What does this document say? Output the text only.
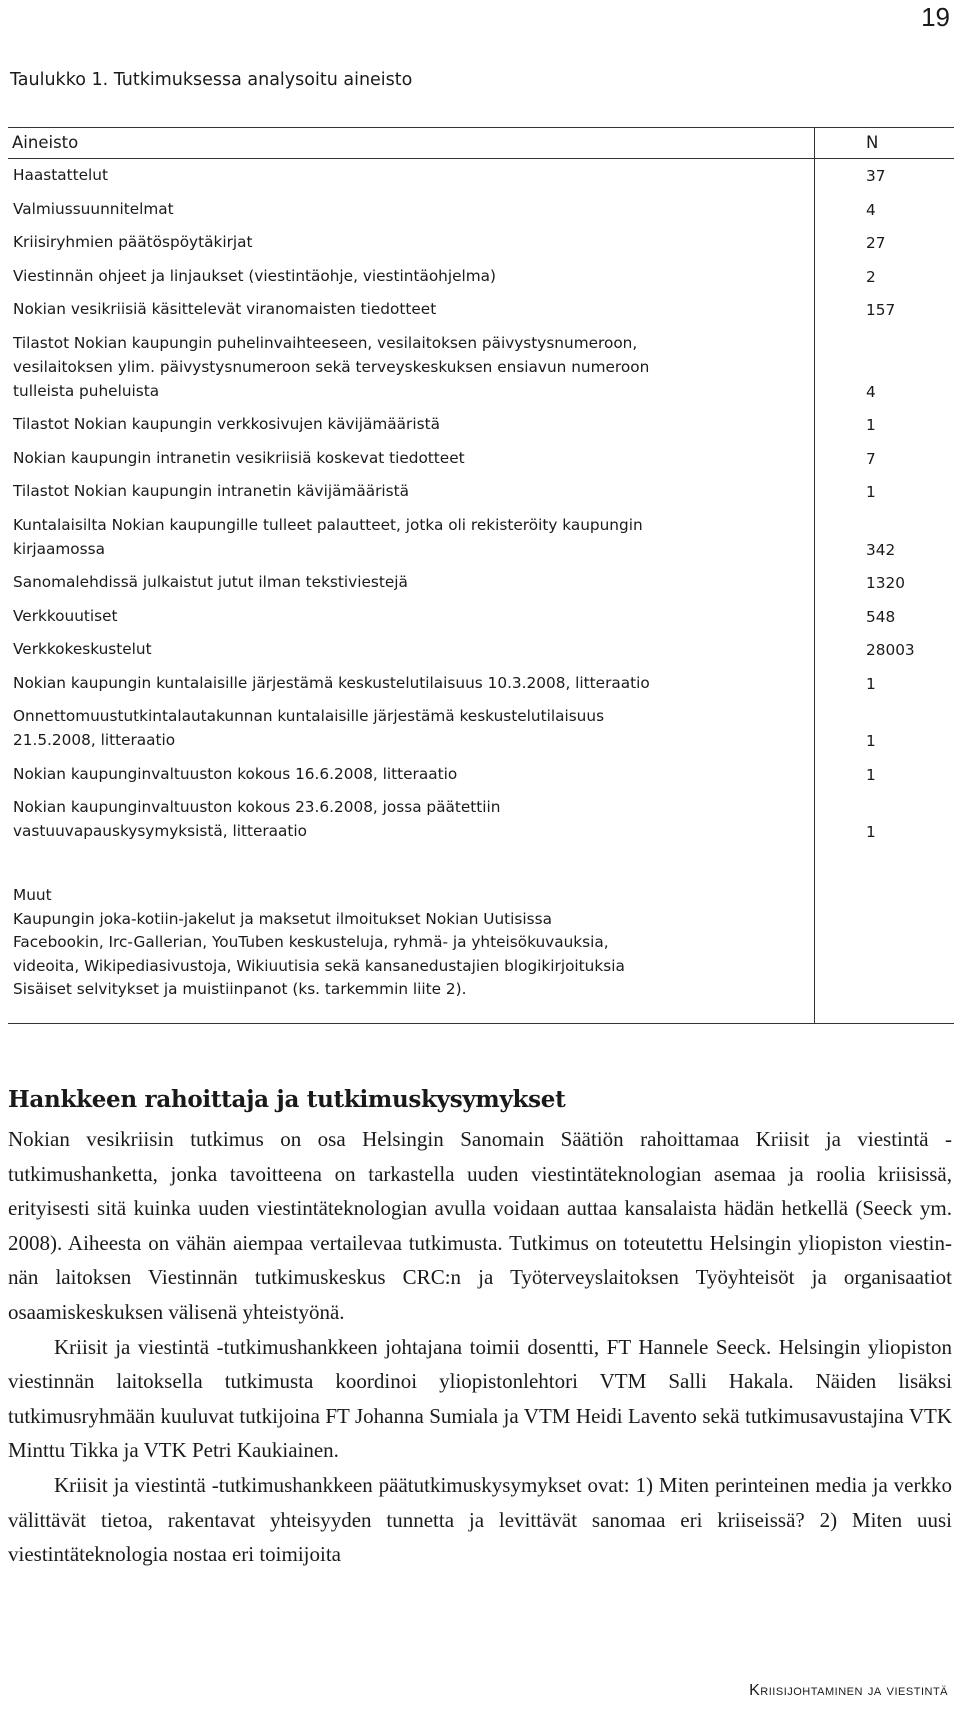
19
Taulukko 1. Tutkimuksessa analysoitu aineisto
Aineisto	N
Haastattelut	37
Valmiussuunnitelmat	4
Kriisiryhmien päätöspöytäkirjat	27
Viestinnän ohjeet ja linjaukset (viestintäohje, viestintäohjelma)	2
Nokian vesikriisiä käsittelevät viranomaisten tiedotteet	157
Tilastot Nokian kaupungin puhelinvaihteeseen, vesilaitoksen päivystysnumeroon,
vesilaitoksen ylim. päivystysnumeroon sekä terveyskeskuksen ensiavun numeroon
tulleista puheluista	4
Tilastot Nokian kaupungin verkkosivujen kävijämääristä	1
Nokian kaupungin intranetin vesikriisiä koskevat tiedotteet	7
Tilastot Nokian kaupungin intranetin kävijämääristä	1
Kuntalaisilta Nokian kaupungille tulleet palautteet, jotka oli rekisteröity kaupungin
kirjaamossa	342
Sanomalehdissä julkaistut jutut ilman tekstiviestejä	1320
Verkkouutiset	548
Verkkokeskustelut	28003
Nokian kaupungin kuntalaisille järjestämä keskustelutilaisuus 10.3.2008, litteraatio	1
Onnettomuustutkintalautakunnan kuntalaisille järjestämä keskustelutilaisuus
21.5.2008, litteraatio	1
Nokian kaupunginvaltuuston kokous 16.6.2008, litteraatio	1
Nokian kaupunginvaltuuston kokous 23.6.2008, jossa päätettiin
vastuuvapauskysymyksistä, litteraatio	1
Muut
Kaupungin joka-kotiin-jakelut ja maksetut ilmoitukset Nokian Uutisissa
Facebookin, Irc-Gallerian, YouTuben keskusteluja, ryhmä- ja yhteisökuvauksia,
videoita, Wikipediasivustoja, Wikiuutisia sekä kansanedustajien blogikirjoituksia
Sisäiset selvitykset ja muistiinpanot (ks. tarkemmin liite 2).
Hankkeen rahoittaja ja tutkimuskysymykset

Nokian vesikriisin tutkimus on osa Helsingin Sanomain Säätiön rahoittamaa Kriisit ja viestintä -tutkimushanketta, jonka tavoitteena on tarkastella uuden viestintäteknologian asemaa ja roolia kriisissä, erityisesti sitä kuinka uuden viestintäteknologian avulla voidaan auttaa kansalaista hädän hetkellä (Seeck ym. 2008). Aiheesta on vähän aiempaa vertailevaa tutkimusta. Tutkimus on toteutettu Helsingin yliopiston viestinnän laitoksen Viestinnän tutkimuskeskus CRC:n ja Työterveyslaitoksen Työyhteisöt ja organisaatiot osaamiskeskuksen välisenä yhteistyönä.

Kriisit ja viestintä -tutkimushankkeen johtajana toimii dosentti, FT Hannele Seeck. Helsingin yliopiston viestinnän laitoksella tutkimusta koordinoi yliopistonlehtori VTM Salli Hakala. Näiden lisäksi tutkimusryhmään kuuluvat tutkijoina FT Johanna Sumiala ja VTM Heidi Lavento sekä tutkimusavustajina VTK Minttu Tikka ja VTK Petri Kaukiainen.

Kriisit ja viestintä -tutkimushankkeen päätutkimuskysymykset ovat: 1) Miten perinteinen media ja verkko välittävät tietoa, rakentavat yhteisyyden tunnetta ja levittävät sanomaa eri kriiseissä? 2) Miten uusi viestintäteknologia nostaa eri toimijoita

Kriisijohtaminen ja viestintä
